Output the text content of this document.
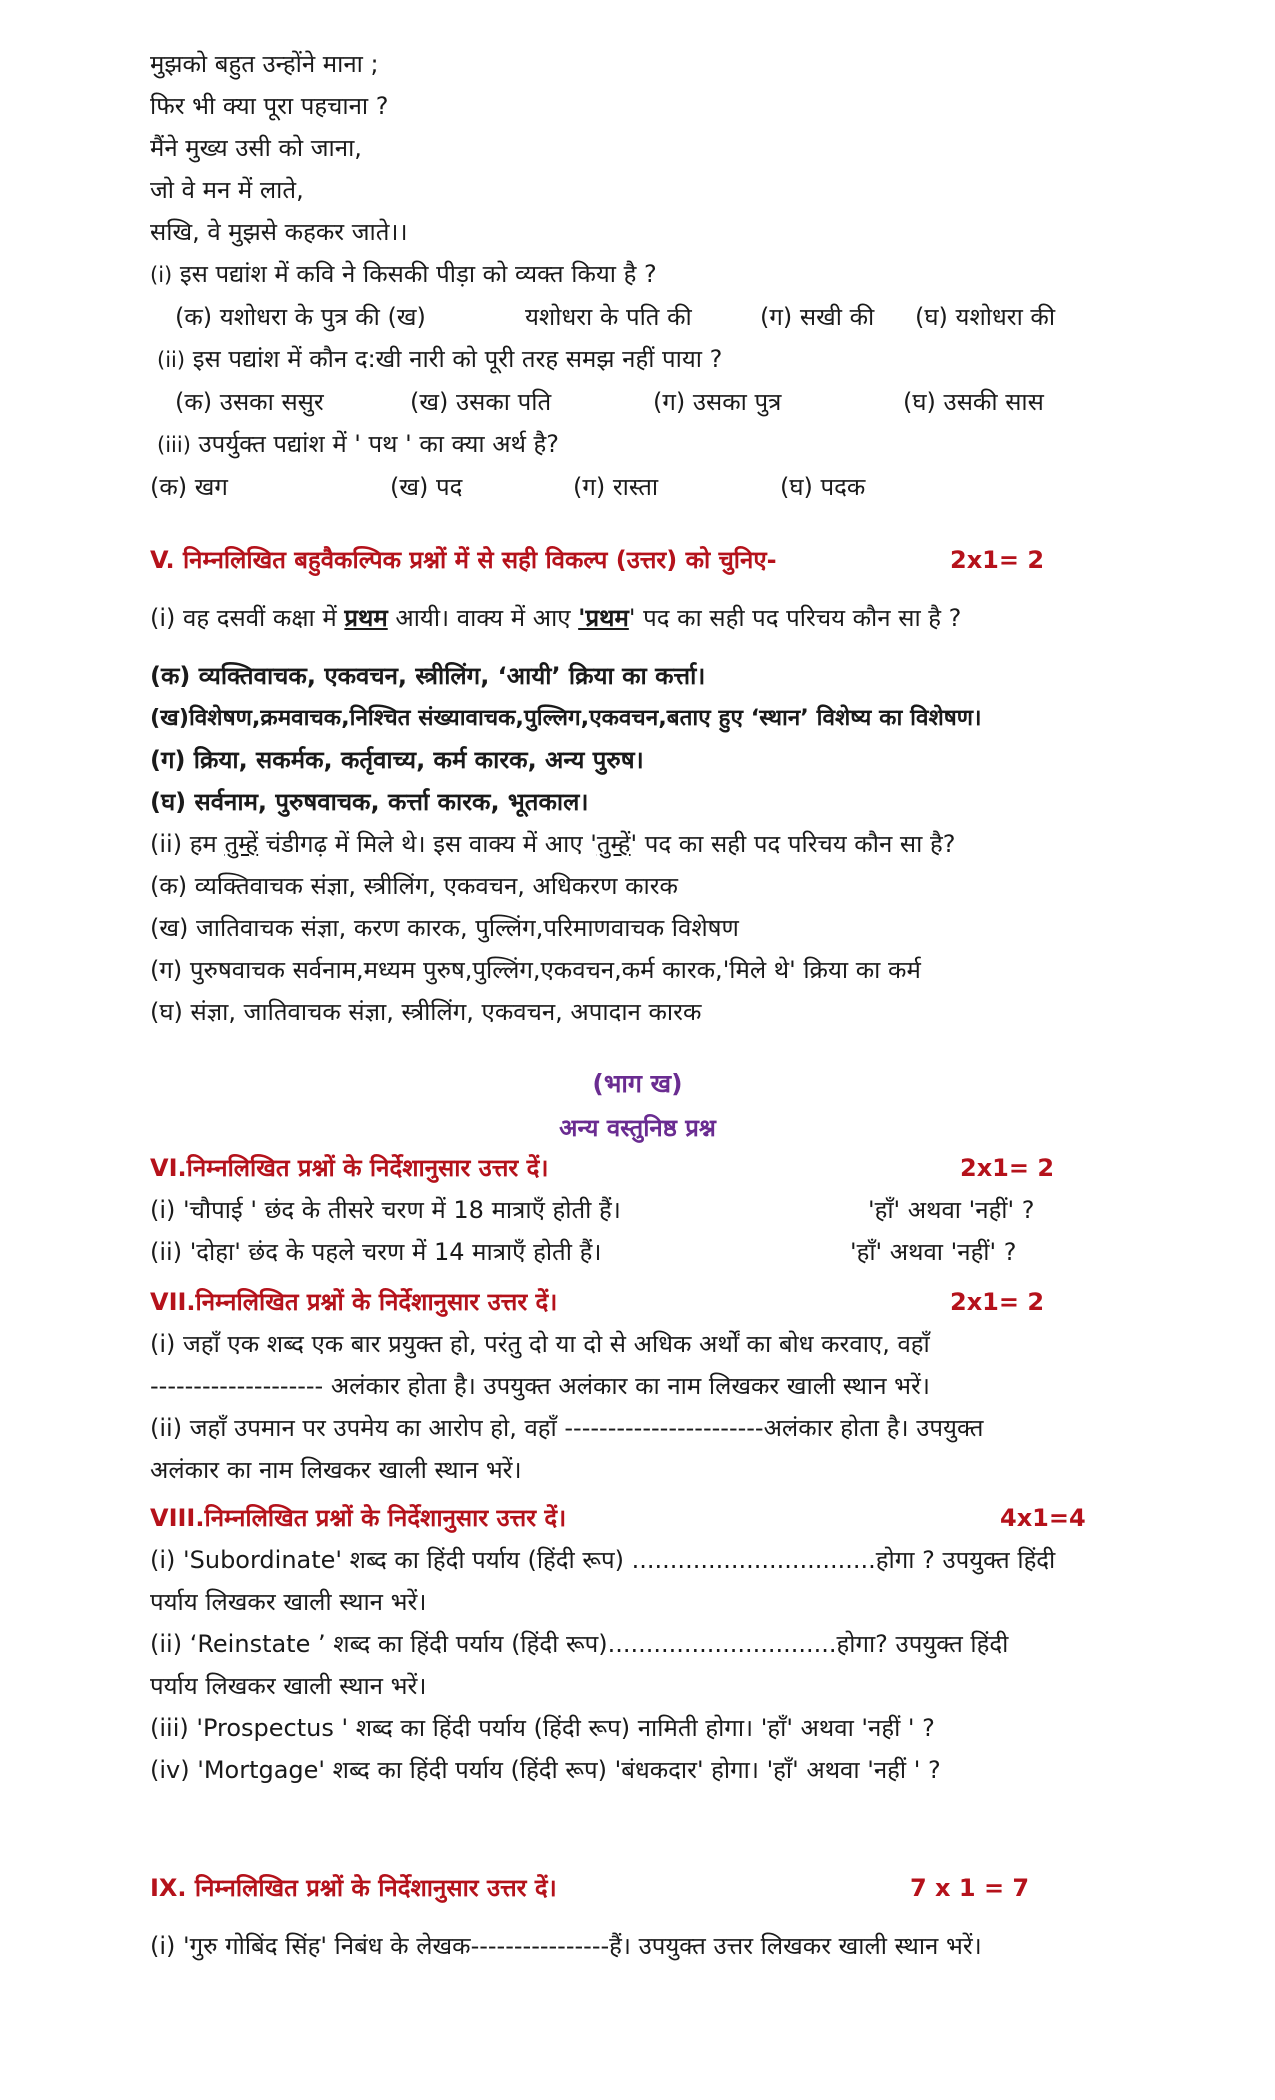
मुझको बहुत उन्होंने माना ;
फिर भी क्या पूरा पहचाना ?
मैंने मुख्य उसी को जाना,
जो वे मन में लाते,
सखि, वे मुझसे कहकर जाते।।
(i) इस पद्यांश में कवि ने किसकी पीड़ा को व्यक्त किया है ?
(क) यशोधरा के पुत्र की (ख)	यशोधरा के पति की	(ग) सखी की (घ) यशोधरा की
(ii) इस पद्यांश में कौन द:खी नारी को पूरी तरह समझ नहीं पाया ?
(क) उसका ससुर	(ख) उसका पति	(ग) उसका पुत्र	(घ) उसकी सास
(iii) उपर्युक्त पद्यांश में ' पथ ' का क्या अर्थ है?
(क) खग	(ख) पद	(ग) रास्ता	(घ) पदक
V. निम्नलिखित बहुवैकल्पिक प्रश्नों में से सही विकल्प (उत्तर) को चुनिए-	2x1= 2
(i) वह दसवीं कक्षा में प्रथम आयी। वाक्य में आए 'प्रथम' पद का सही पद परिचय कौन सा है ?
(क) व्यक्तिवाचक, एकवचन, स्त्रीलिंग, ‘आयी’ क्रिया का कर्त्ता।
(ख)विशेषण,क्रमवाचक,निश्चित संख्यावाचक,पुल्लिग,एकवचन,बताए हुए ‘स्थान’ विशेष्य का विशेषण।
(ग) क्रिया, सकर्मक, कर्तृवाच्य, कर्म कारक, अन्य पुरुष।
(घ) सर्वनाम, पुरुषवाचक, कर्त्ता कारक, भूतकाल।
(ii) हम तुम्हें चंडीगढ़ में मिले थे। इस वाक्य में आए 'तुम्हें' पद का सही पद परिचय कौन सा है?
(क) व्यक्तिवाचक संज्ञा, स्त्रीलिंग, एकवचन, अधिकरण कारक
(ख) जातिवाचक संज्ञा, करण कारक, पुल्लिंग,परिमाणवाचक विशेषण
(ग) पुरुषवाचक सर्वनाम,मध्यम पुरुष,पुल्लिंग,एकवचन,कर्म कारक,'मिले थे' क्रिया का कर्म
(घ) संज्ञा, जातिवाचक संज्ञा, स्त्रीलिंग, एकवचन, अपादान कारक
(भाग ख)
अन्य वस्तुनिष्ठ प्रश्न
VI.निम्नलिखित प्रश्नों के निर्देशानुसार उत्तर दें।	2x1= 2
(i) 'चौपाई ' छंद के तीसरे चरण में 18 मात्राएँ होती हैं।	'हाँ' अथवा 'नहीं' ?
(ii) 'दोहा' छंद के पहले चरण में 14 मात्राएँ होती हैं।	'हाँ' अथवा 'नहीं' ?
VII.निम्नलिखित प्रश्नों के निर्देशानुसार उत्तर दें।	2x1= 2
(i) जहाँ एक शब्द एक बार प्रयुक्त हो, परंतु दो या दो से अधिक अर्थों का बोध करवाए, वहाँ
-------------------- अलंकार होता है। उपयुक्त अलंकार का नाम लिखकर खाली स्थान भरें।
(ii) जहाँ उपमान पर उपमेय का आरोप हो, वहाँ -----------------------अलंकार होता है। उपयुक्त
अलंकार का नाम लिखकर खाली स्थान भरें।
VIII.निम्नलिखित प्रश्नों के निर्देशानुसार उत्तर दें।	4x1=4
(i) 'Subordinate' शब्द का हिंदी पर्याय (हिंदी रूप) ................................होगा ? उपयुक्त हिंदी
पर्याय लिखकर खाली स्थान भरें।
(ii) ‘Reinstate ’ शब्द का हिंदी पर्याय (हिंदी रूप)..............................होगा? उपयुक्त हिंदी
पर्याय लिखकर खाली स्थान भरें।
(iii) 'Prospectus ' शब्द का हिंदी पर्याय (हिंदी रूप) नामिती होगा। 'हाँ' अथवा 'नहीं ' ?
(iv) 'Mortgage' शब्द का हिंदी पर्याय (हिंदी रूप) 'बंधकदार' होगा। 'हाँ' अथवा 'नहीं ' ?
IX. निम्नलिखित प्रश्नों के निर्देशानुसार उत्तर दें।	7 x 1 = 7
(i) 'गुरु गोबिंद सिंह' निबंध के लेखक----------------हैं। उपयुक्त उत्तर लिखकर खाली स्थान भरें।
